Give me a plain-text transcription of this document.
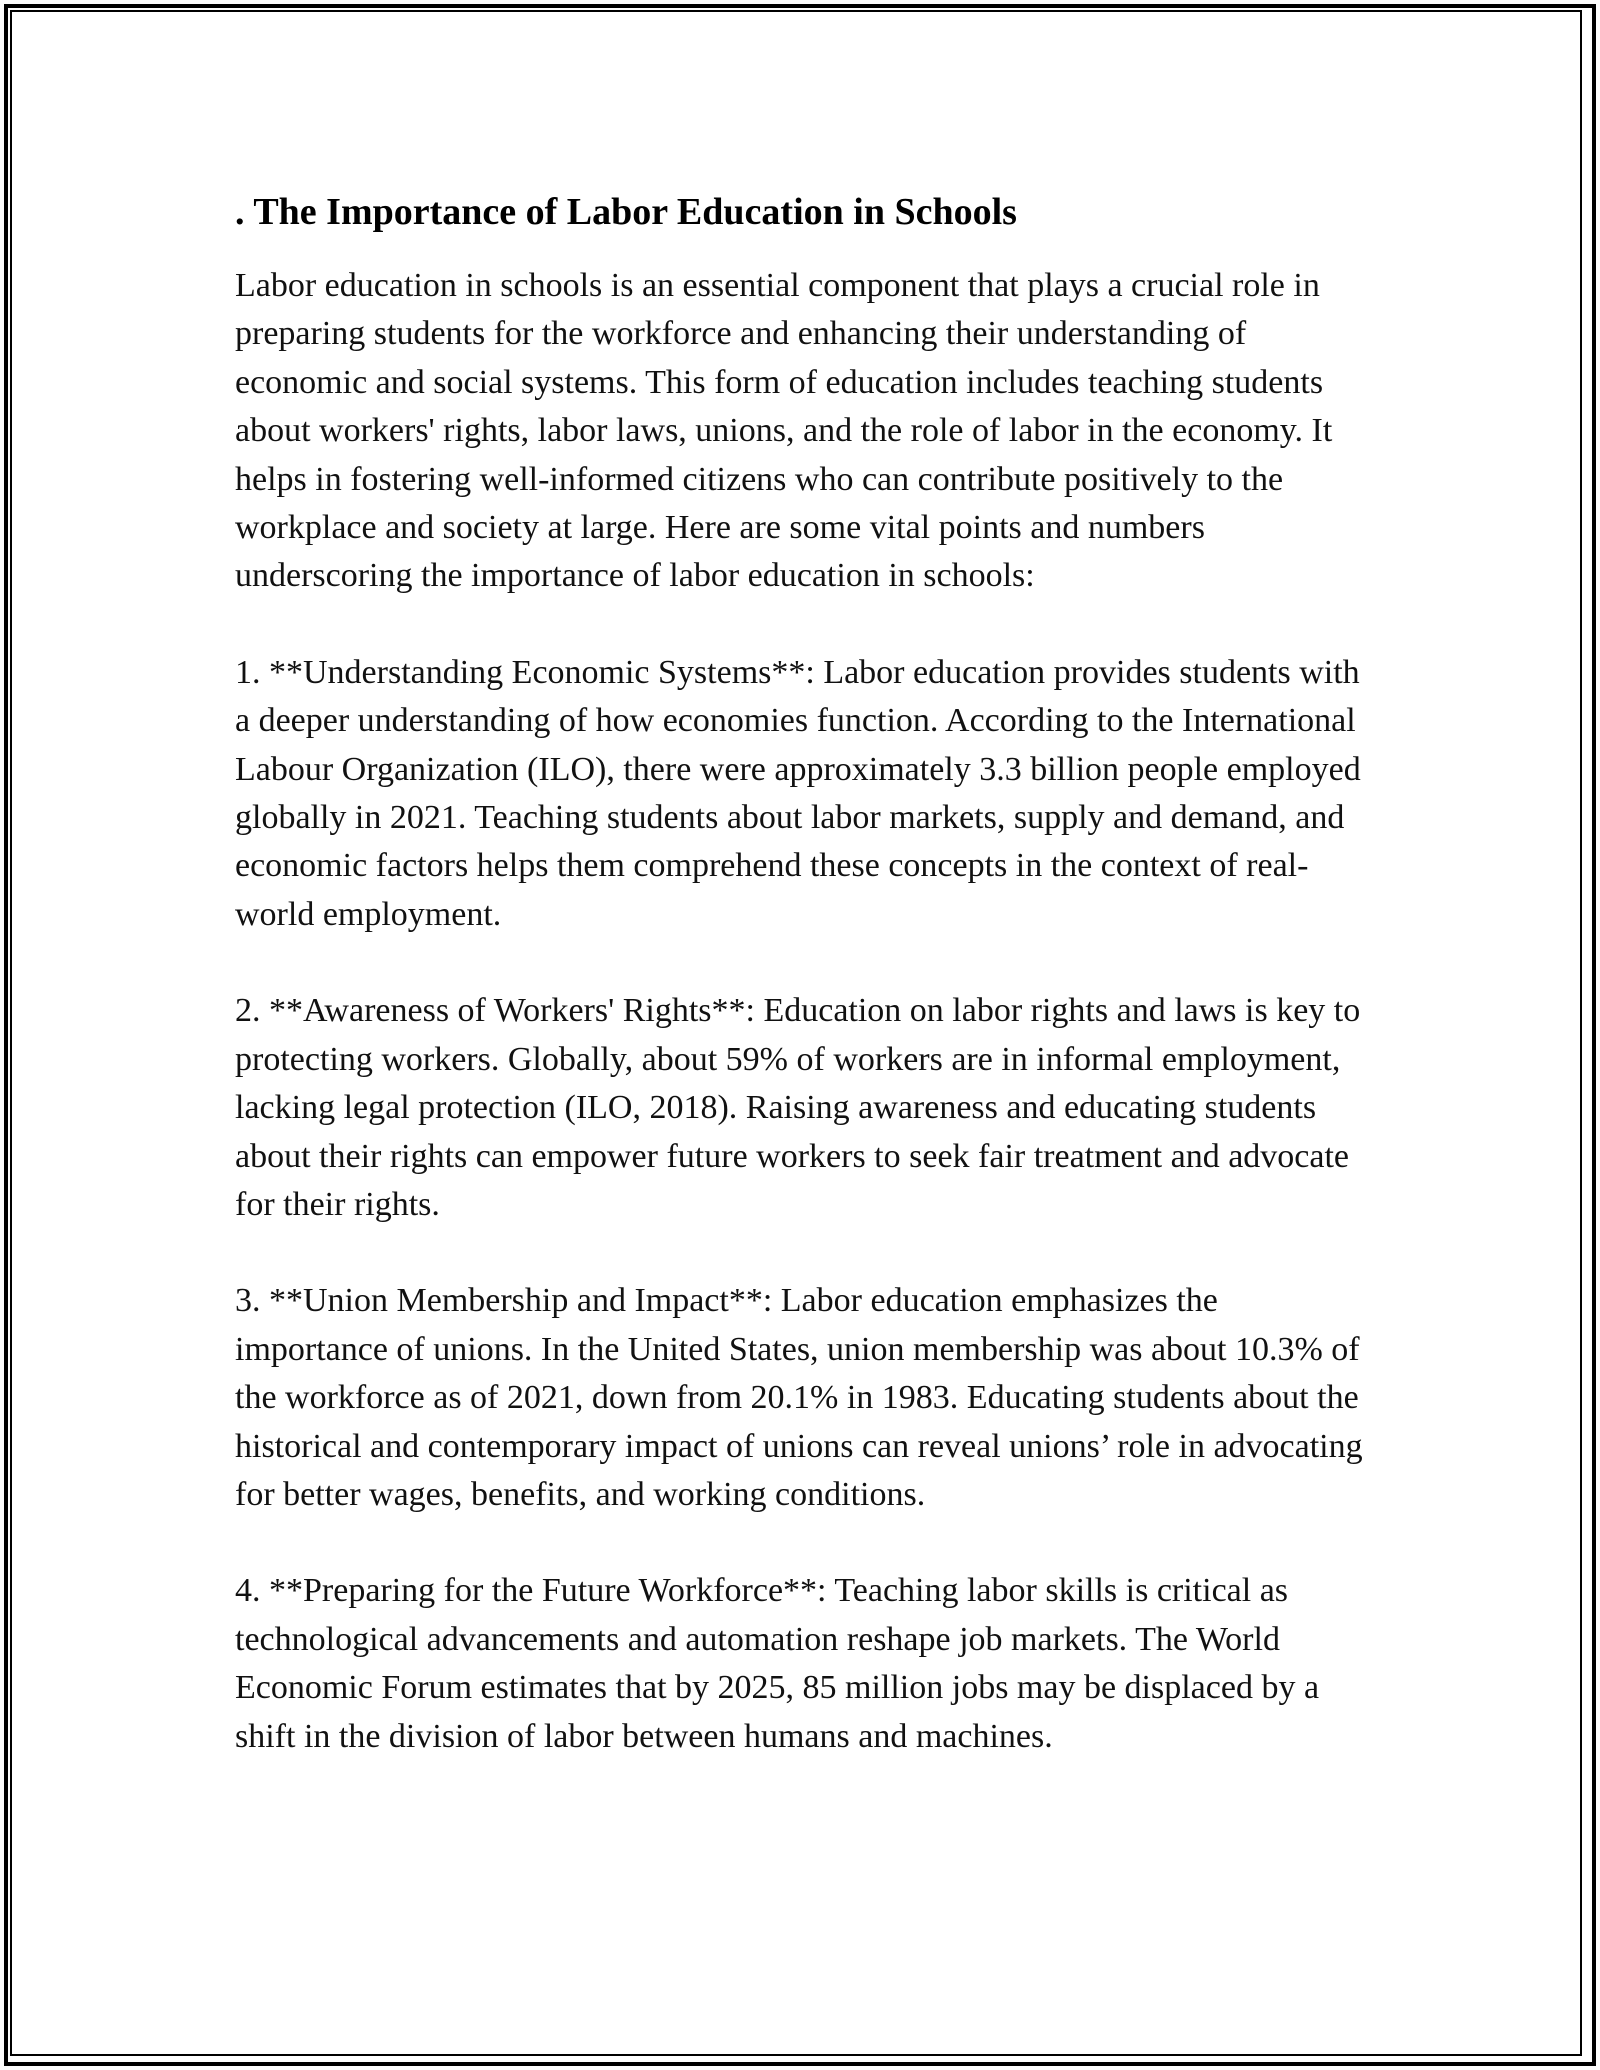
. The Importance of Labor Education in Schools

Labor education in schools is an essential component that plays a crucial role in preparing students for the workforce and enhancing their understanding of economic and social systems. This form of education includes teaching students about workers' rights, labor laws, unions, and the role of labor in the economy. It helps in fostering well-informed citizens who can contribute positively to the workplace and society at large. Here are some vital points and numbers underscoring the importance of labor education in schools:

1. **Understanding Economic Systems**: Labor education provides students with a deeper understanding of how economies function. According to the International Labour Organization (ILO), there were approximately 3.3 billion people employed globally in 2021. Teaching students about labor markets, supply and demand, and economic factors helps them comprehend these concepts in the context of real-world employment.

2. **Awareness of Workers' Rights**: Education on labor rights and laws is key to protecting workers. Globally, about 59% of workers are in informal employment, lacking legal protection (ILO, 2018). Raising awareness and educating students about their rights can empower future workers to seek fair treatment and advocate for their rights.

3. **Union Membership and Impact**: Labor education emphasizes the importance of unions. In the United States, union membership was about 10.3% of the workforce as of 2021, down from 20.1% in 1983. Educating students about the historical and contemporary impact of unions can reveal unions’ role in advocating for better wages, benefits, and working conditions.

4. **Preparing for the Future Workforce**: Teaching labor skills is critical as technological advancements and automation reshape job markets. The World Economic Forum estimates that by 2025, 85 million jobs may be displaced by a shift in the division of labor between humans and machines.
